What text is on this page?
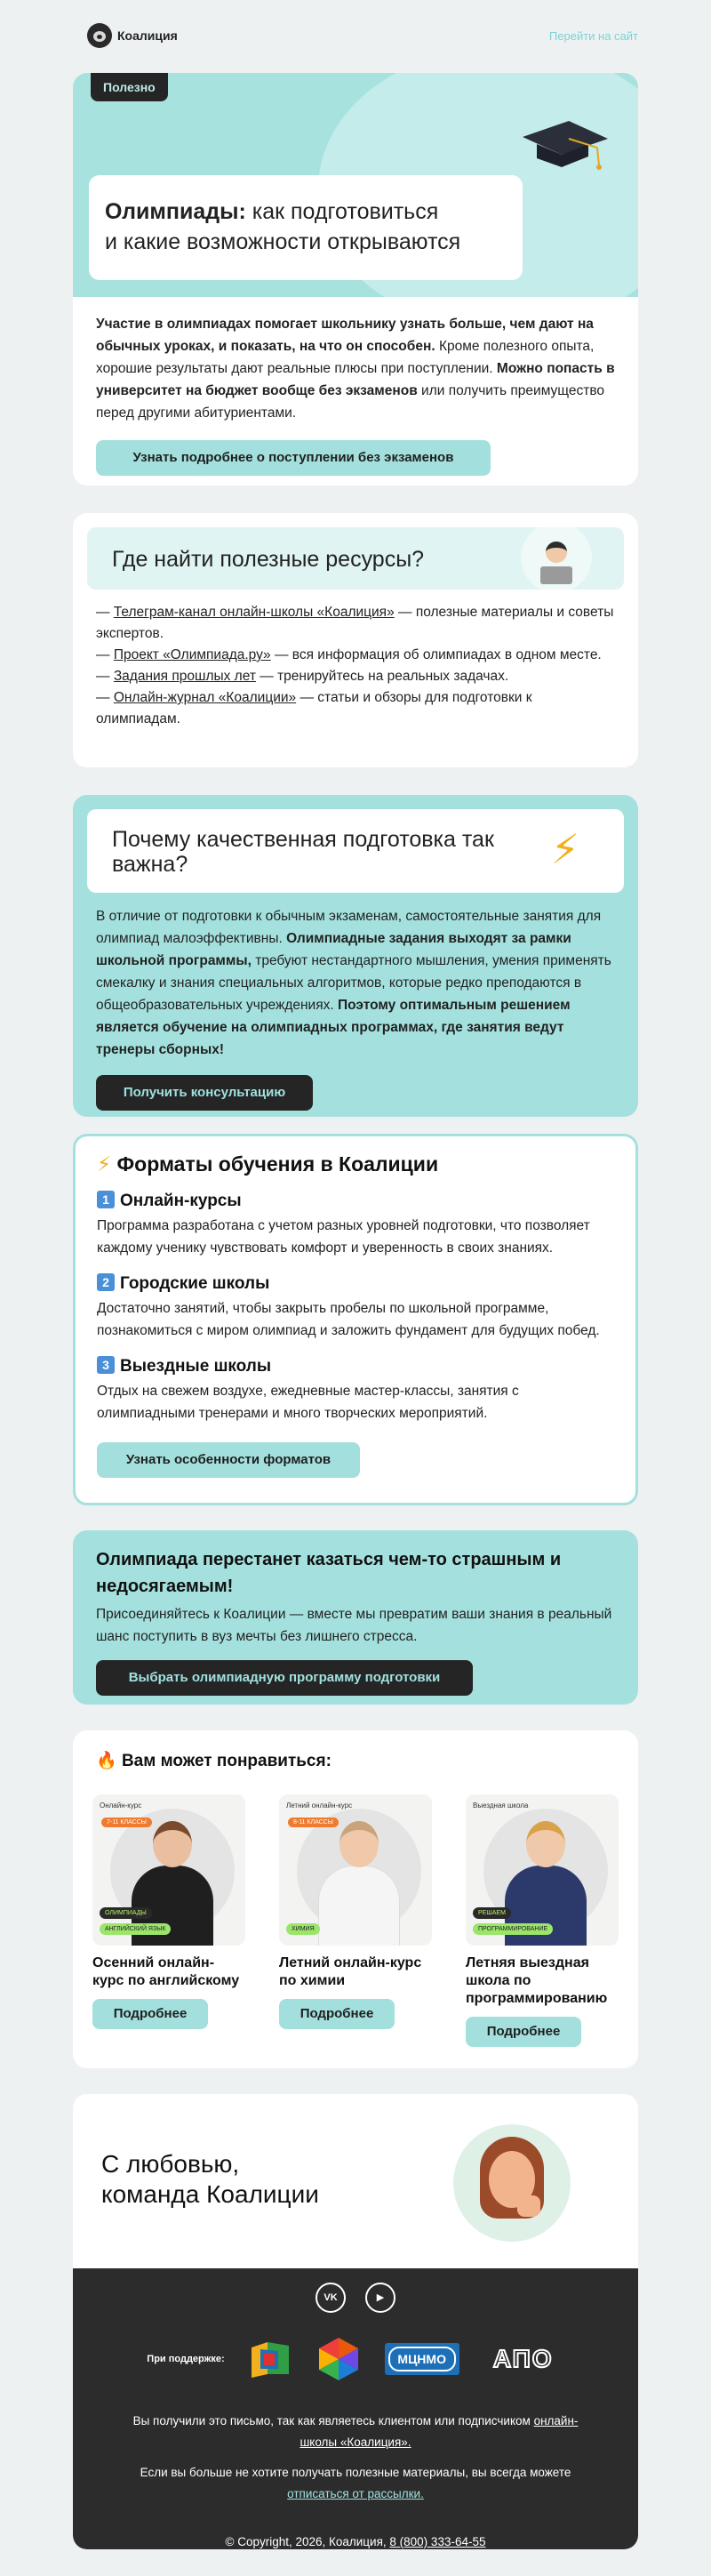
Коалиция	Перейти на сайт
Полезно
Олимпиады: как подготовиться
и какие возможности открываются

Участие в олимпиадах помогает школьнику узнать больше, чем дают на обычных уроках, и показать, на что он способен. Кроме полезного опыта, хорошие результаты дают реальные плюсы при поступлении. Можно попасть в университет на бюджет вообще без экзаменов или получить преимущество перед другими абитуриентами.

Узнать подробнее о поступлении без экзаменов
Где найти полезные ресурсы?

— Телеграм-канал онлайн-школы «Коалиция» — полезные материалы и советы экспертов.

— Проект «Олимпиада.ру» — вся информация об олимпиадах в одном месте.

— Задания прошлых лет — тренируйтесь на реальных задачах.

— Онлайн-журнал «Коалиции» — статьи и обзоры для подготовки к олимпиадам.

Почему качественная подготовка так важна?	⚡

В отличие от подготовки к обычным экзаменам, самостоятельные занятия для олимпиад малоэффективны. Олимпиадные задания выходят за рамки школьной программы, требуют нестандартного мышления, умения применять смекалку и знания специальных алгоритмов, которые редко преподаются в общеобразовательных учреждениях. Поэтому оптимальным решением является обучение на олимпиадных программах, где занятия ведут тренеры сборных!

Получить консультацию
⚡ Форматы обучения в Коалиции
1 Онлайн-курсы

Программа разработана с учетом разных уровней подготовки, что позволяет каждому ученику чувствовать комфорт и уверенность в своих знаниях.

2 Городские школы

Достаточно занятий, чтобы закрыть пробелы по школьной программе, познакомиться с миром олимпиад и заложить фундамент для будущих побед.

3 Выездные школы

Отдых на свежем воздухе, ежедневные мастер-классы, занятия с олимпиадными тренерами и много творческих мероприятий.

Узнать особенности форматов
Олимпиада перестанет казаться чем-то страшным и недосягаемым!

Присоединяйтесь к Коалиции — вместе мы превратим ваши знания в реальный шанс поступить в вуз мечты без лишнего стресса.

Выбрать олимпиадную программу подготовки
🔥 Вам может понравиться:
Онлайн-курс
7-11 КЛАССЫ
ОЛИМПИАДЫ
АНГЛИЙСКИЙ ЯЗЫК
Осенний онлайн-курс по английскому
Подробнее
Летний онлайн-курс
8-11 КЛАССЫ
ХИМИЯ
Летний онлайн-курс по химии
Подробнее
Выездная школа
РЕШАЕМ
ПРОГРАММИРОВАНИЕ
Летняя выездная школа по программированию
Подробнее
С любовью,
команда Коалиции
VK	▶
При поддержке:	МЦНМО	АПО

Вы получили это письмо, так как являетесь клиентом или подписчиком онлайн-школы «Коалиция».

Если вы больше не хотите получать полезные материалы, вы всегда можете отписаться от рассылки.

© Copyright, 2026, Коалиция, 8 (800) 333-64-55
